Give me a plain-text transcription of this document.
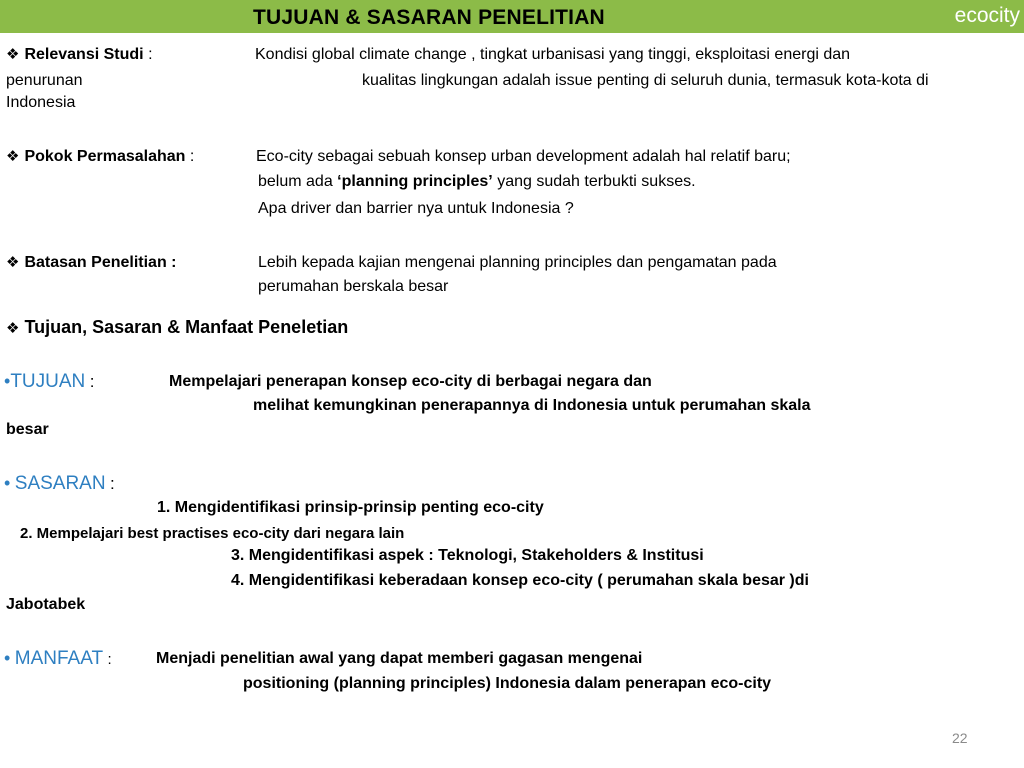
TUJUAN & SASARAN PENELITIAN	ecocity
❖ Relevansi Studi :	Kondisi global climate change , tingkat urbanisasi yang tinggi, eksploitasi energi dan
penurunan	kualitas lingkungan adalah issue penting di seluruh dunia, termasuk kota-kota di
Indonesia
❖ Pokok Permasalahan :	Eco-city sebagai sebuah konsep urban development adalah hal relatif baru;
belum ada ‘planning principles’ yang sudah terbukti sukses.
Apa driver dan barrier nya untuk Indonesia ?
❖ Batasan Penelitian :	Lebih kepada kajian mengenai planning principles dan pengamatan pada
perumahan berskala besar
❖ Tujuan, Sasaran & Manfaat Peneletian
•TUJUAN :	Mempelajari penerapan konsep eco-city di berbagai negara dan
melihat kemungkinan penerapannya di Indonesia untuk perumahan skala
besar
• SASARAN :
1. Mengidentifikasi prinsip-prinsip penting eco-city
2. Mempelajari best practises eco-city dari negara lain
3. Mengidentifikasi aspek : Teknologi, Stakeholders & Institusi
4. Mengidentifikasi keberadaan konsep eco-city ( perumahan skala besar )di
Jabotabek
• MANFAAT :	Menjadi penelitian awal yang dapat memberi gagasan mengenai
positioning (planning principles) Indonesia dalam penerapan eco-city
22
